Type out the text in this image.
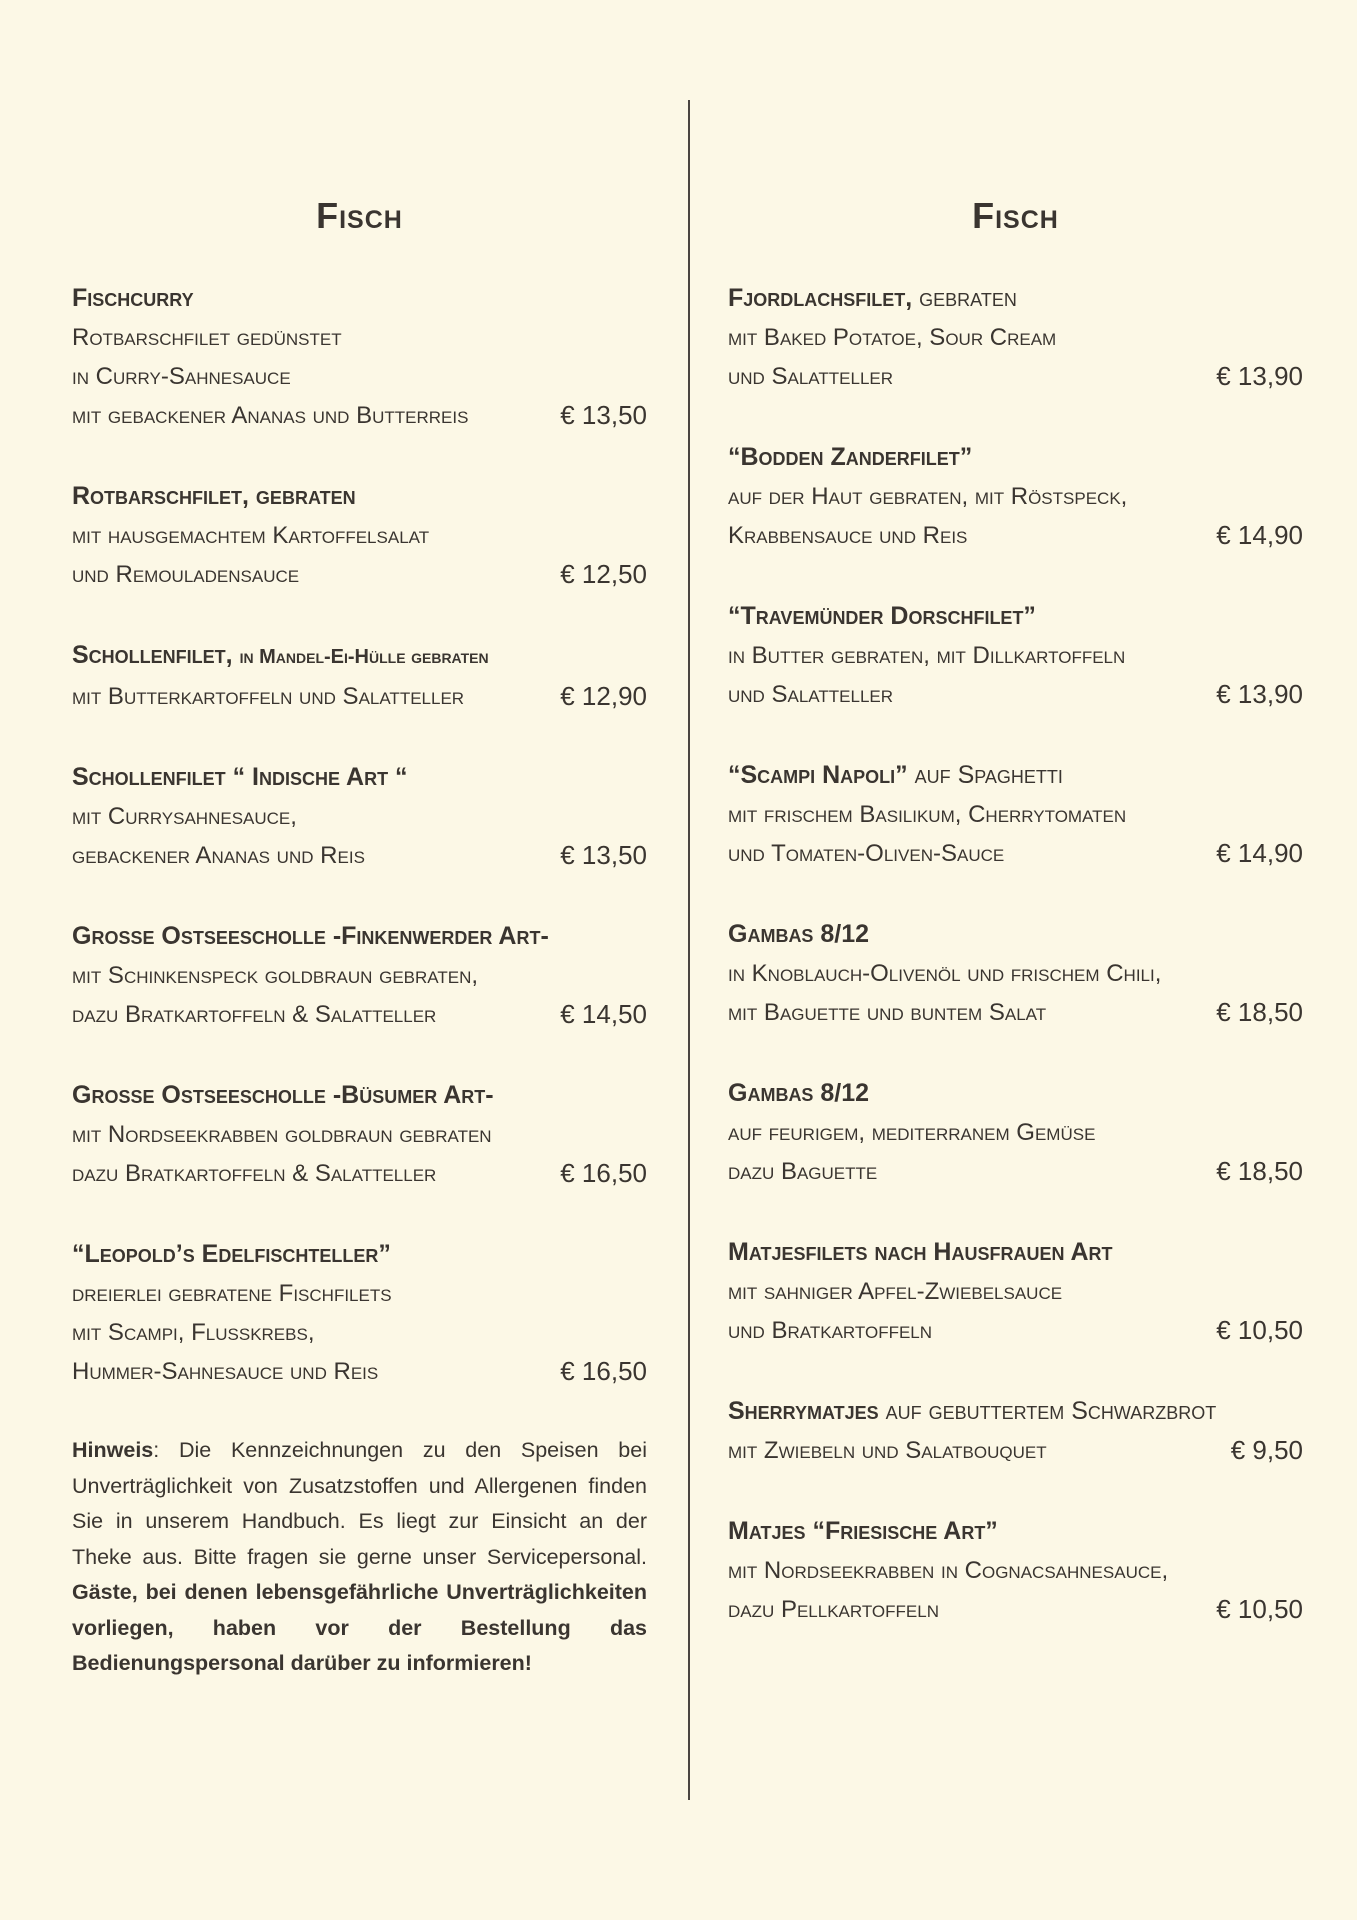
Fisch
Fischcurry
Rotbarschfilet gedünstet
in Curry-Sahnesauce
mit gebackener Ananas und Butterreis	€ 13,50
Rotbarschfilet, gebraten
mit hausgemachtem Kartoffelsalat
und Remouladensauce	€ 12,50
Schollenfilet, in Mandel-Ei-Hülle gebraten
mit Butterkartoffeln und Salatteller	€ 12,90
Schollenfilet “ Indische Art “
mit Currysahnesauce,
gebackener Ananas und Reis	€ 13,50
Große Ostseescholle -Finkenwerder Art-
mit Schinkenspeck goldbraun gebraten,
dazu Bratkartoffeln & Salatteller	€ 14,50
Große Ostseescholle -Büsumer Art-
mit Nordseekrabben goldbraun gebraten
dazu Bratkartoffeln & Salatteller	€ 16,50
“Leopold’s Edelfischteller”
dreierlei gebratene Fischfilets
mit Scampi, Flußkrebs,
Hummer-Sahnesauce und Reis	€ 16,50
Hinweis: Die Kennzeichnungen zu den Speisen bei Unverträglichkeit von Zusatzstoffen und Allergenen finden Sie in unserem Handbuch. Es liegt zur Einsicht an der Theke aus. Bitte fragen sie gerne unser Servicepersonal. Gäste, bei denen lebensgefährliche Unverträglichkeiten vorliegen, haben vor der Bestellung das Bedienungspersonal darüber zu informieren!
Fisch
Fjordlachsfilet, gebraten
mit Baked Potatoe, Sour Cream
und Salatteller	€ 13,90
“Bodden Zanderfilet”
auf der Haut gebraten, mit Röstspeck,
Krabbensauce und Reis	€ 14,90
“Travemünder Dorschfilet”
in Butter gebraten, mit Dillkartoffeln
und Salatteller	€ 13,90
“Scampi Napoli” auf Spaghetti
mit frischem Basilikum, Cherrytomaten
und Tomaten-Oliven-Sauce	€ 14,90
Gambas 8/12
in Knoblauch-Olivenöl und frischem Chili,
mit Baguette und buntem Salat	€ 18,50
Gambas 8/12
auf feurigem, mediterranem Gemüse
dazu Baguette	€ 18,50
Matjesfilets nach Hausfrauen Art
mit sahniger Apfel-Zwiebelsauce
und Bratkartoffeln	€ 10,50
Sherrymatjes auf gebuttertem Schwarzbrot
mit Zwiebeln und Salatbouquet	€ 9,50
Matjes “Friesische Art”
mit Nordseekrabben in Cognacsahnesauce,
dazu Pellkartoffeln	€ 10,50
